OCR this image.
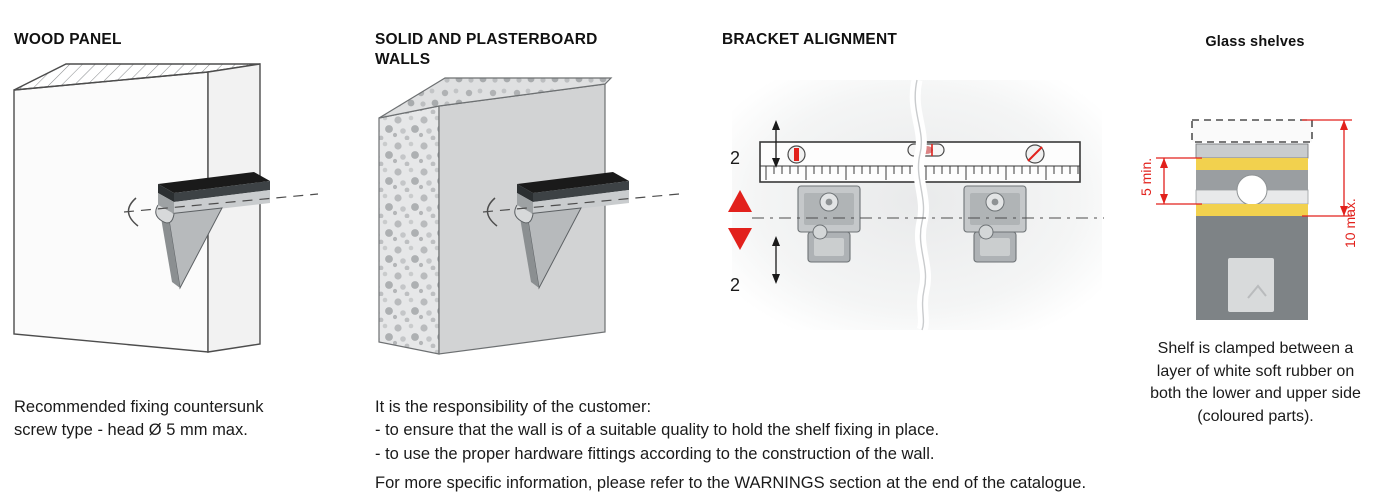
WOOD PANEL
Recommended fixing countersunk
screw type - head Ø 5 mm max.
SOLID AND PLASTERBOARD
WALLS
BRACKET ALIGNMENT
2
2
Glass shelves
5 min.
10 max.
It is the responsibility of the customer:
- to ensure that the wall is of a suitable quality to hold the shelf fixing in place.
- to use the proper hardware fittings according to the construction of the wall.
For more specific information, please refer to the WARNINGS section at the end of the catalogue.
Shelf is clamped between a
layer of white soft rubber on
both the lower and upper side
(coloured parts).
